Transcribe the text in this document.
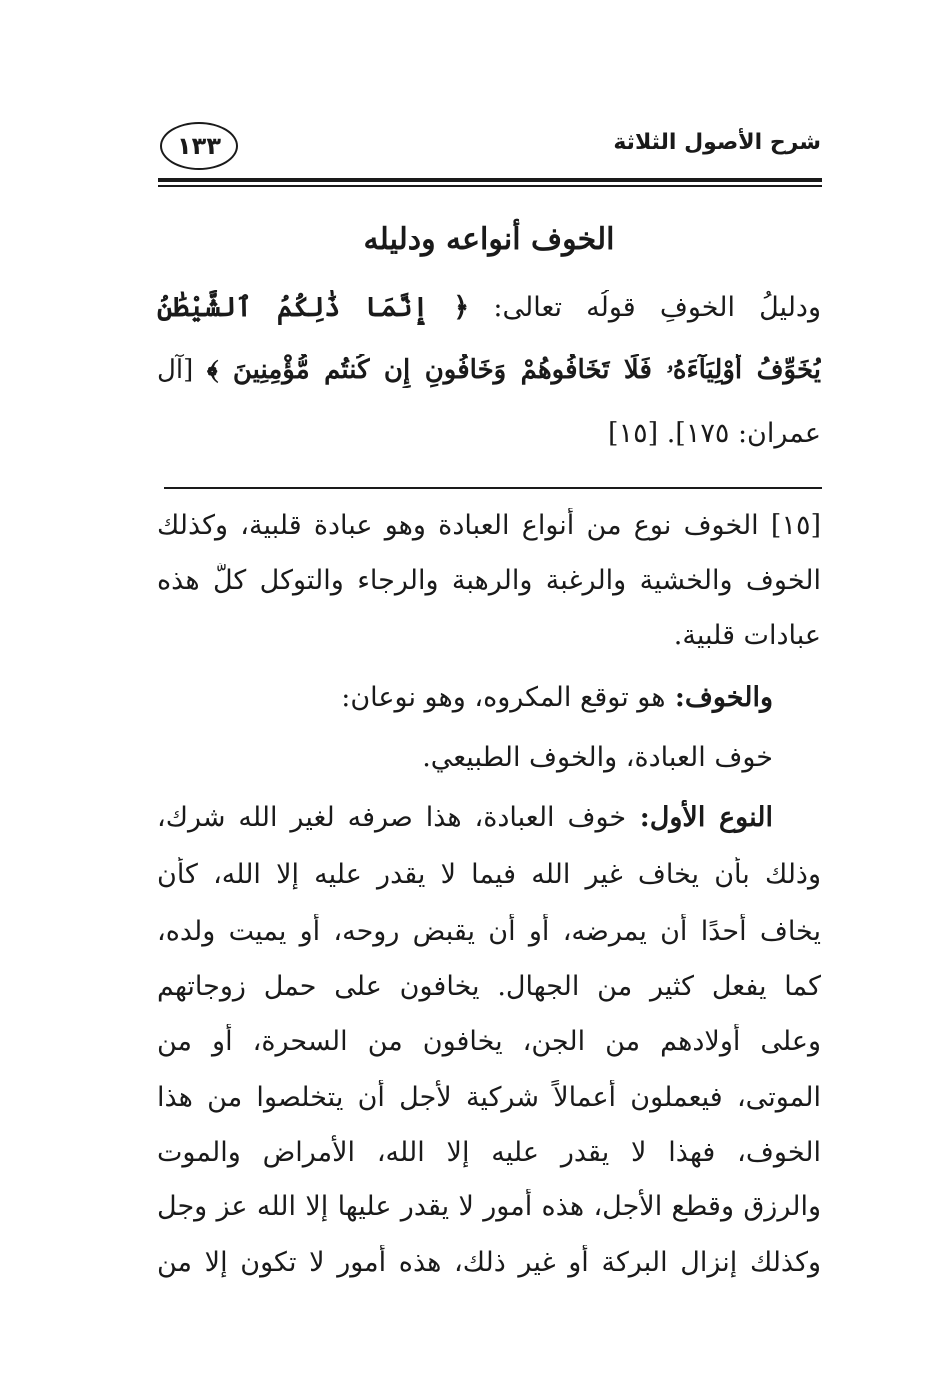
شرح الأصول الثلاثة
١٣٣
الخوف أنواعه ودليله
ودليلُ الخوفِ قولُه تعالى: ﴿ إِنَّمَا ذَٰلِكُمُ ٱلشَّيْطَٰنُ
يُخَوِّفُ أَوْلِيَآءَهُۥ فَلَا تَخَافُوهُمْ وَخَافُونِ إِن كُنتُم مُّؤْمِنِينَ ﴾ [آل
عمران: ١٧٥]. [١٥]
[١٥] الخوف نوع من أنواع العبادة وهو عبادة قلبية، وكذلك
الخوف والخشية والرغبة والرهبة والرجاء والتوكل كلٌّ هذه
عبادات قلبية.
والخوف: هو توقع المكروه، وهو نوعان:
خوف العبادة، والخوف الطبيعي.
النوع الأول: خوف العبادة، هذا صرفه لغير الله شرك،
وذلك بأن يخاف غير الله فيما لا يقدر عليه إلا الله، كأن
يخاف أحدًا أن يمرضه، أو أن يقبض روحه، أو يميت ولده،
كما يفعل كثير من الجهال. يخافون على حمل زوجاتهم
وعلى أولادهم من الجن، يخافون من السحرة، أو من
الموتى، فيعملون أعمالاً شركية لأجل أن يتخلصوا من هذا
الخوف، فهذا لا يقدر عليه إلا الله، الأمراض والموت
والرزق وقطع الأجل، هذه أمور لا يقدر عليها إلا الله عز وجل
وكذلك إنزال البركة أو غير ذلك، هذه أمور لا تكون إلا من
